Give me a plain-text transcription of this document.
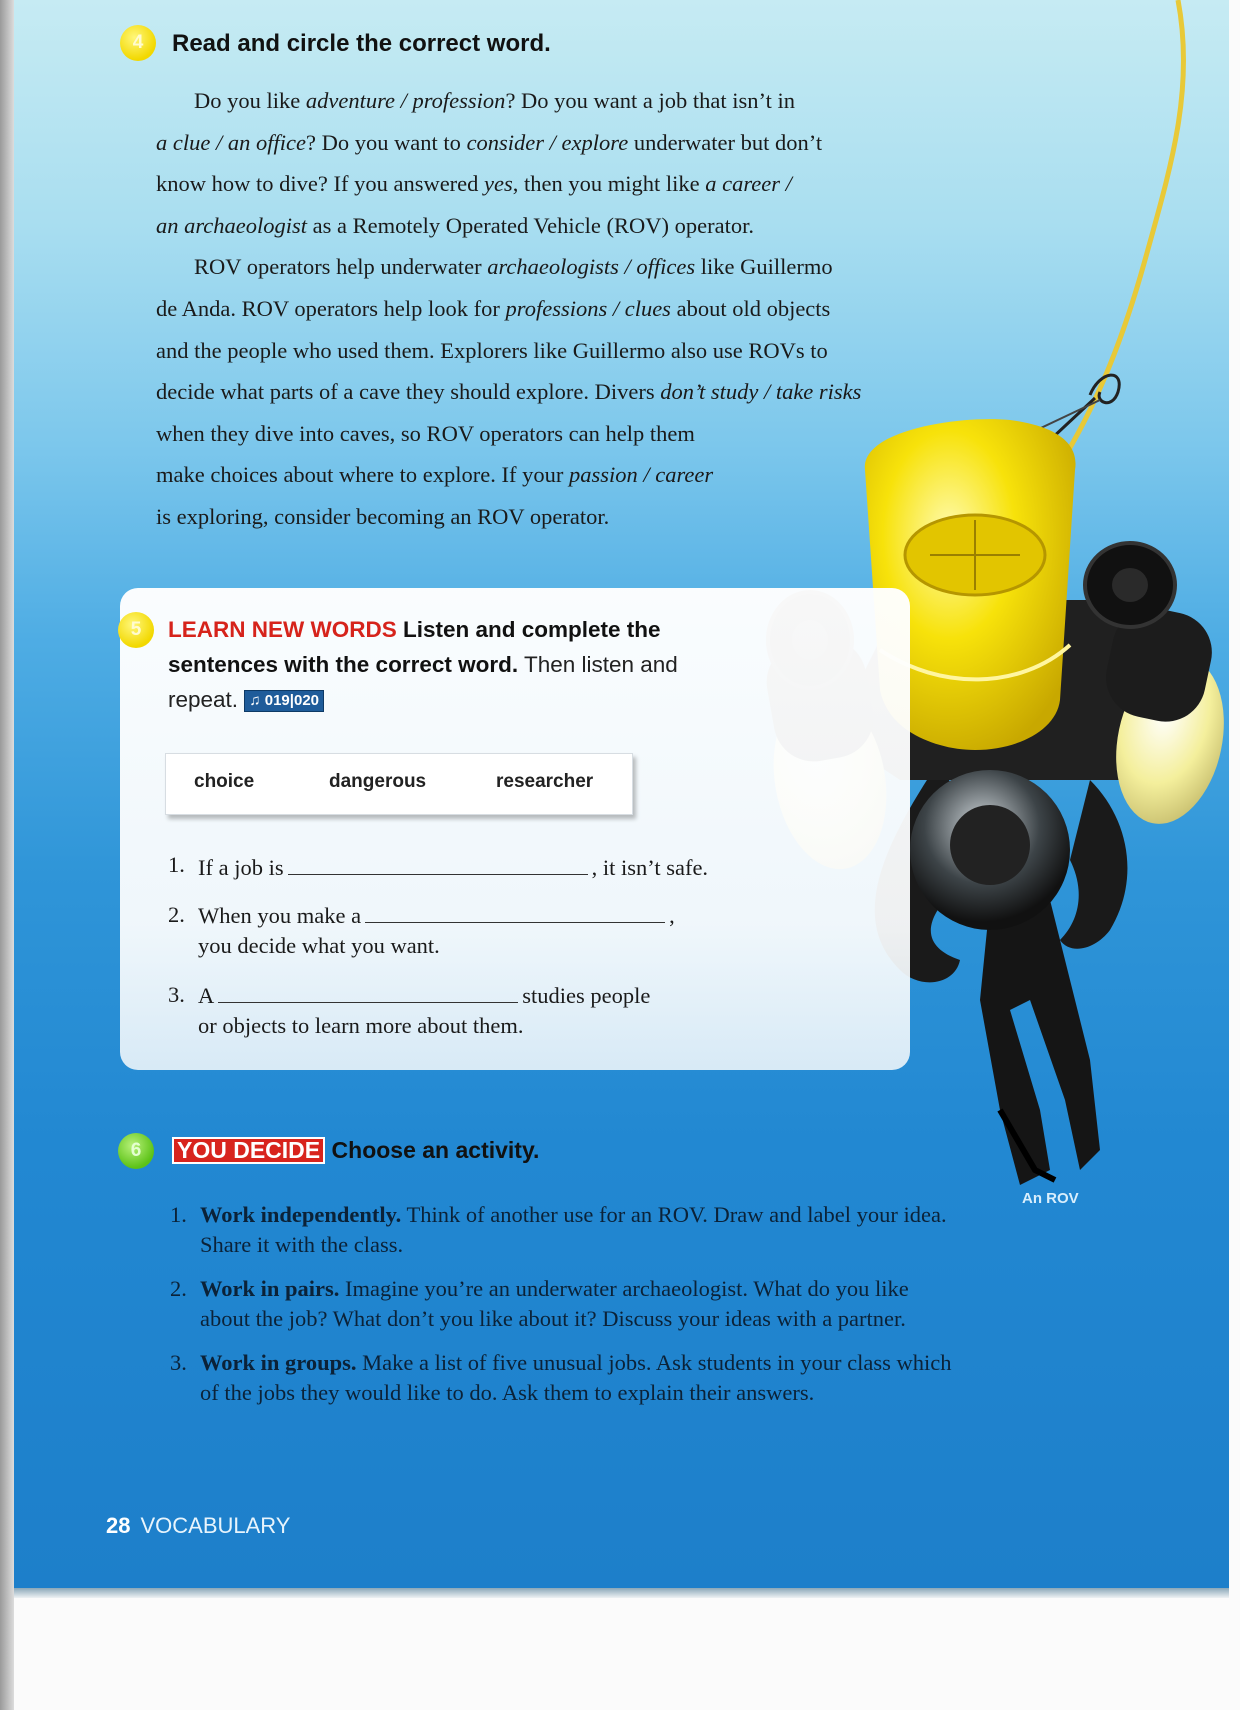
4	Read and circle the correct word.

Do you like adventure / profession? Do you want a job that isn’t in

a clue / an office? Do you want to consider / explore underwater but don’t

know how to dive? If you answered yes, then you might like a career /

an archaeologist as a Remotely Operated Vehicle (ROV) operator.

ROV operators help underwater archaeologists / offices like Guillermo

de Anda. ROV operators help look for professions / clues about old objects

and the people who used them. Explorers like Guillermo also use ROVs to

decide what parts of a cave they should explore. Divers don’t study / take risks

when they dive into caves, so ROV operators can help them

make choices about where to explore. If your passion / career

is exploring, consider becoming an ROV operator.

5	LEARN NEW WORDS Listen and complete the sentences with the correct word. Then listen and repeat. ♫ 019|020
choice	dangerous	researcher
1. If a job is	, it isn’t safe.
2. When you make a	,
you decide what you want.
3. A	studies people
or objects to learn more about them.
6	YOU DECIDE Choose an activity.
1. Work independently. Think of another use for an ROV. Draw and label your idea. Share it with the class.
2. Work in pairs. Imagine you’re an underwater archaeologist. What do you like about the job? What don’t you like about it? Discuss your ideas with a partner.
3. Work in groups. Make a list of five unusual jobs. Ask students in your class which of the jobs they would like to do. Ask them to explain their answers.
An ROV
28 VOCABULARY
